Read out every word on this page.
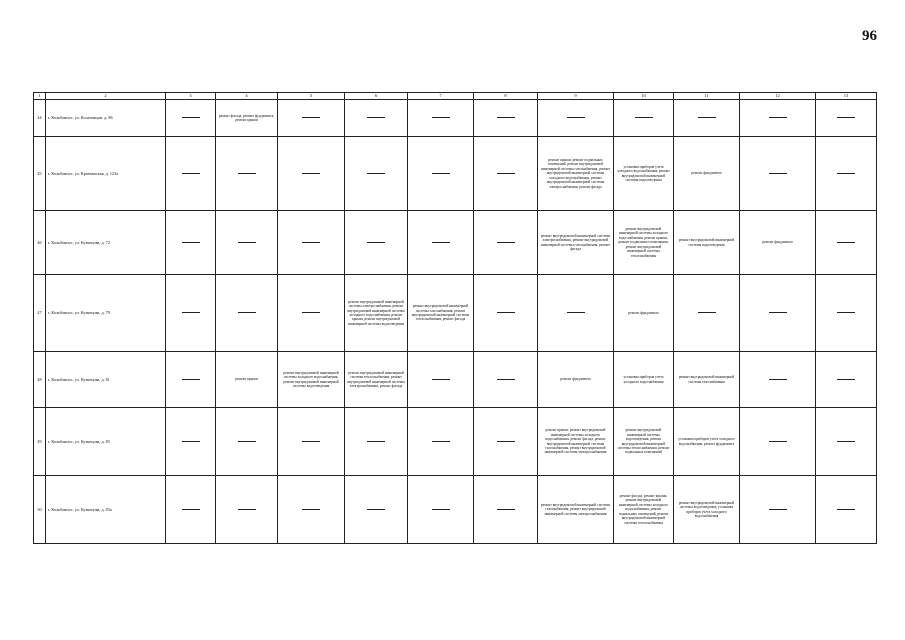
96
1	2	3	4	5	6	7	8	9	10	11	12	13
44	г. Кольбонпос, ул. Колатенции, д. 86		ремонт фасада, ремонт фундамента, ремонт крыши									
45	г. Кольбонпос, ул. Кратевжская, д. 123а							ремонт крыши, ремонт подвальных помещений, ремонт внутридомовой инженерной системы газоснабжения, ремонт внутридомовой инженерной системы холодного водоснабжения, ремонт внутридомовой инженерной системы электроснабжения, ремонт фасада	установка приборов учета холодного водоснабжения, ремонт внутридомовой инженерной системы водоотведения	ремонт фундамента		
46	г. Кольбонпос, ул. Кузнецова, д. 72							ремонт внутридомовой инженерной системы электроснабжения, ремонт внутридомовой инженерной системы газоснабжения, ремонт фасада	ремонт внутридомовой инженерной системы холодного водоснабжения, ремонт крыши, ремонт подвального помещения, ремонт внутридомовой инженерной системы теплоснабжения	ремонт внутридомовой инженерной системы водоотведения	ремонт фундамента	
47	г. Кольбонпос, ул. Кузнецова, д. 79				ремонт внутридомовой инженерной системы электроснабжения, ремонт внутридомовой инженерной системы холодного водоснабжения, ремонт крыши, ремонт внутридомовой инженерной системы водоотведения	ремонт внутридомовой инженерной системы газоснабжения, ремонт внутридомовой инженерной системы теплоснабжения, ремонт фасада			ремонт фундамента			
48	г. Кольбонпос, ул. Кузнецова, д. 81		ремонт крыши	ремонт внутридомовой инженерной системы холодного водоснабжения, ремонт внутридомовой инженерной системы водоотведения	ремонт внутридомовой инженерной системы теплоснабжения, ремонт внутридомовой инженерной системы электроснабжения, ремонт фасада			ремонт фундамента	установка приборов учета холодного водоснабжения	ремонт внутридомовой инженерной системы газоснабжения		
49	г. Кольбонпос, ул. Кузнецова, д. 83							ремонт крыши, ремонт внутридомовой инженерной системы холодного водоснабжения, ремонт фасада, ремонт внутридомовой инженерной системы газоснабжения, ремонт внутридомовой инженерной системы электроснабжения	ремонт внутридомовой инженерной системы водоотведения, ремонт внутридомовой инженерной системы теплоснабжения, ремонт подвальных помещений	установка приборов учета холодного водоснабжения, ремонт фундамента		
50	г. Кольбонпос, ул. Кузнецова, д. 83а							ремонт внутридомовой инженерной системы газоснабжения, ремонт внутридомовой инженерной системы электроснабжения	ремонт фасада, ремонт крыши, ремонт внутридомовой инженерной системы холодного водоснабжения, ремонт подвальных помещений, ремонт внутридомовой инженерной системы теплоснабжения	ремонт внутридомовой инженерной системы водоотведения, установка приборов учета холодного водоснабжения		
